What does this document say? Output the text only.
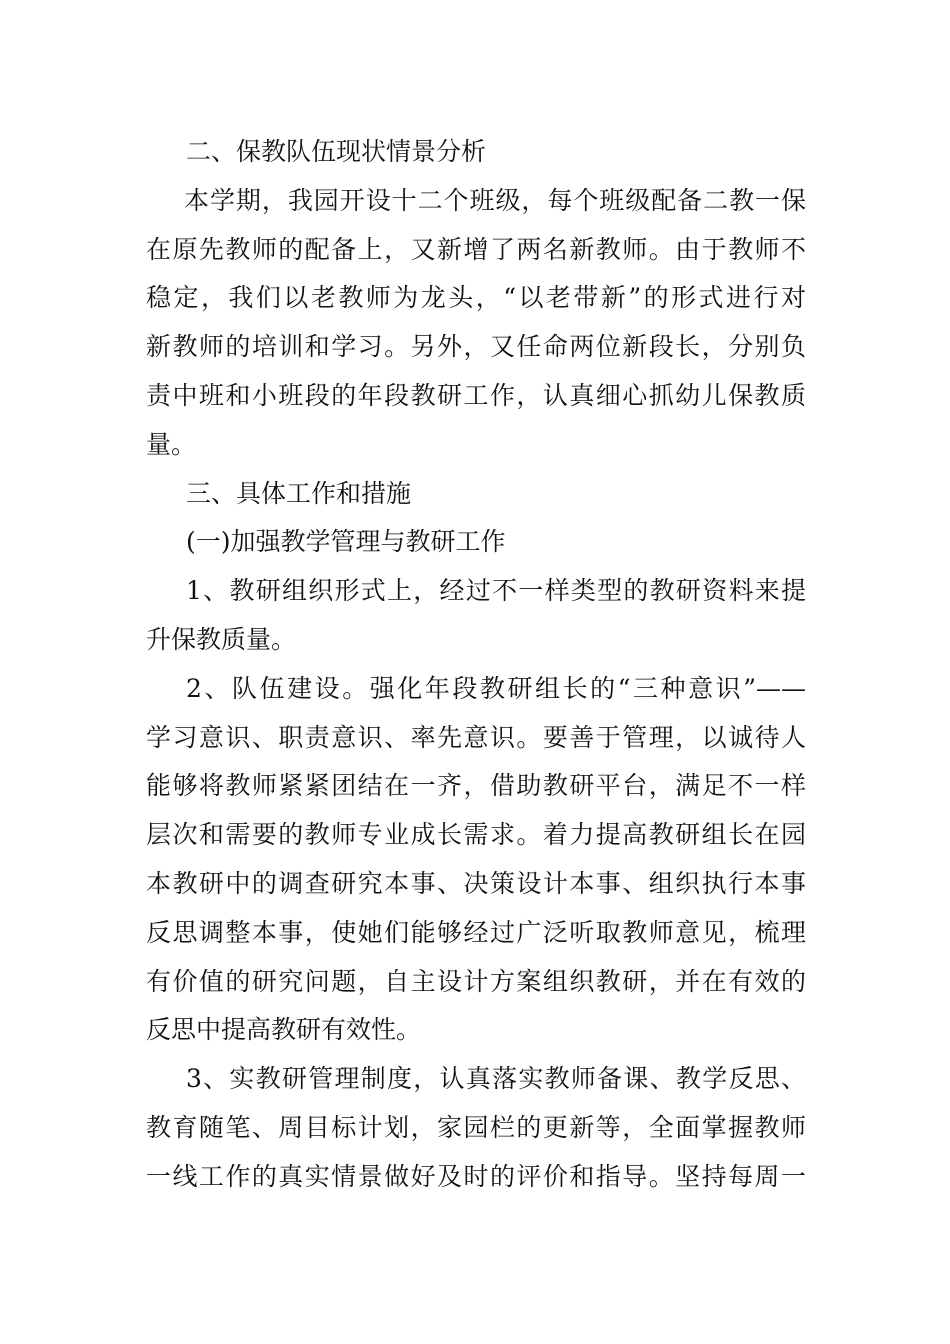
二、保教队伍现状情景分析
本学期，我园开设十二个班级，每个班级配备二教一保
在原先教师的配备上，又新增了两名新教师。由于教师不
稳定，我们以老教师为龙头，“以老带新”的形式进行对
新教师的培训和学习。另外，又任命两位新段长，分别负
责中班和小班段的年段教研工作，认真细心抓幼儿保教质
量。
三、具体工作和措施
(一)加强教学管理与教研工作
1、教研组织形式上，经过不一样类型的教研资料来提
升保教质量。
2、队伍建设。强化年段教研组长的“三种意识”——
学习意识、职责意识、率先意识。要善于管理，以诚待人
能够将教师紧紧团结在一齐，借助教研平台，满足不一样
层次和需要的教师专业成长需求。着力提高教研组长在园
本教研中的调查研究本事、决策设计本事、组织执行本事
反思调整本事，使她们能够经过广泛听取教师意见，梳理
有价值的研究问题，自主设计方案组织教研，并在有效的
反思中提高教研有效性。
3、实教研管理制度，认真落实教师备课、教学反思、
教育随笔、周目标计划，家园栏的更新等，全面掌握教师
一线工作的真实情景做好及时的评价和指导。坚持每周一
